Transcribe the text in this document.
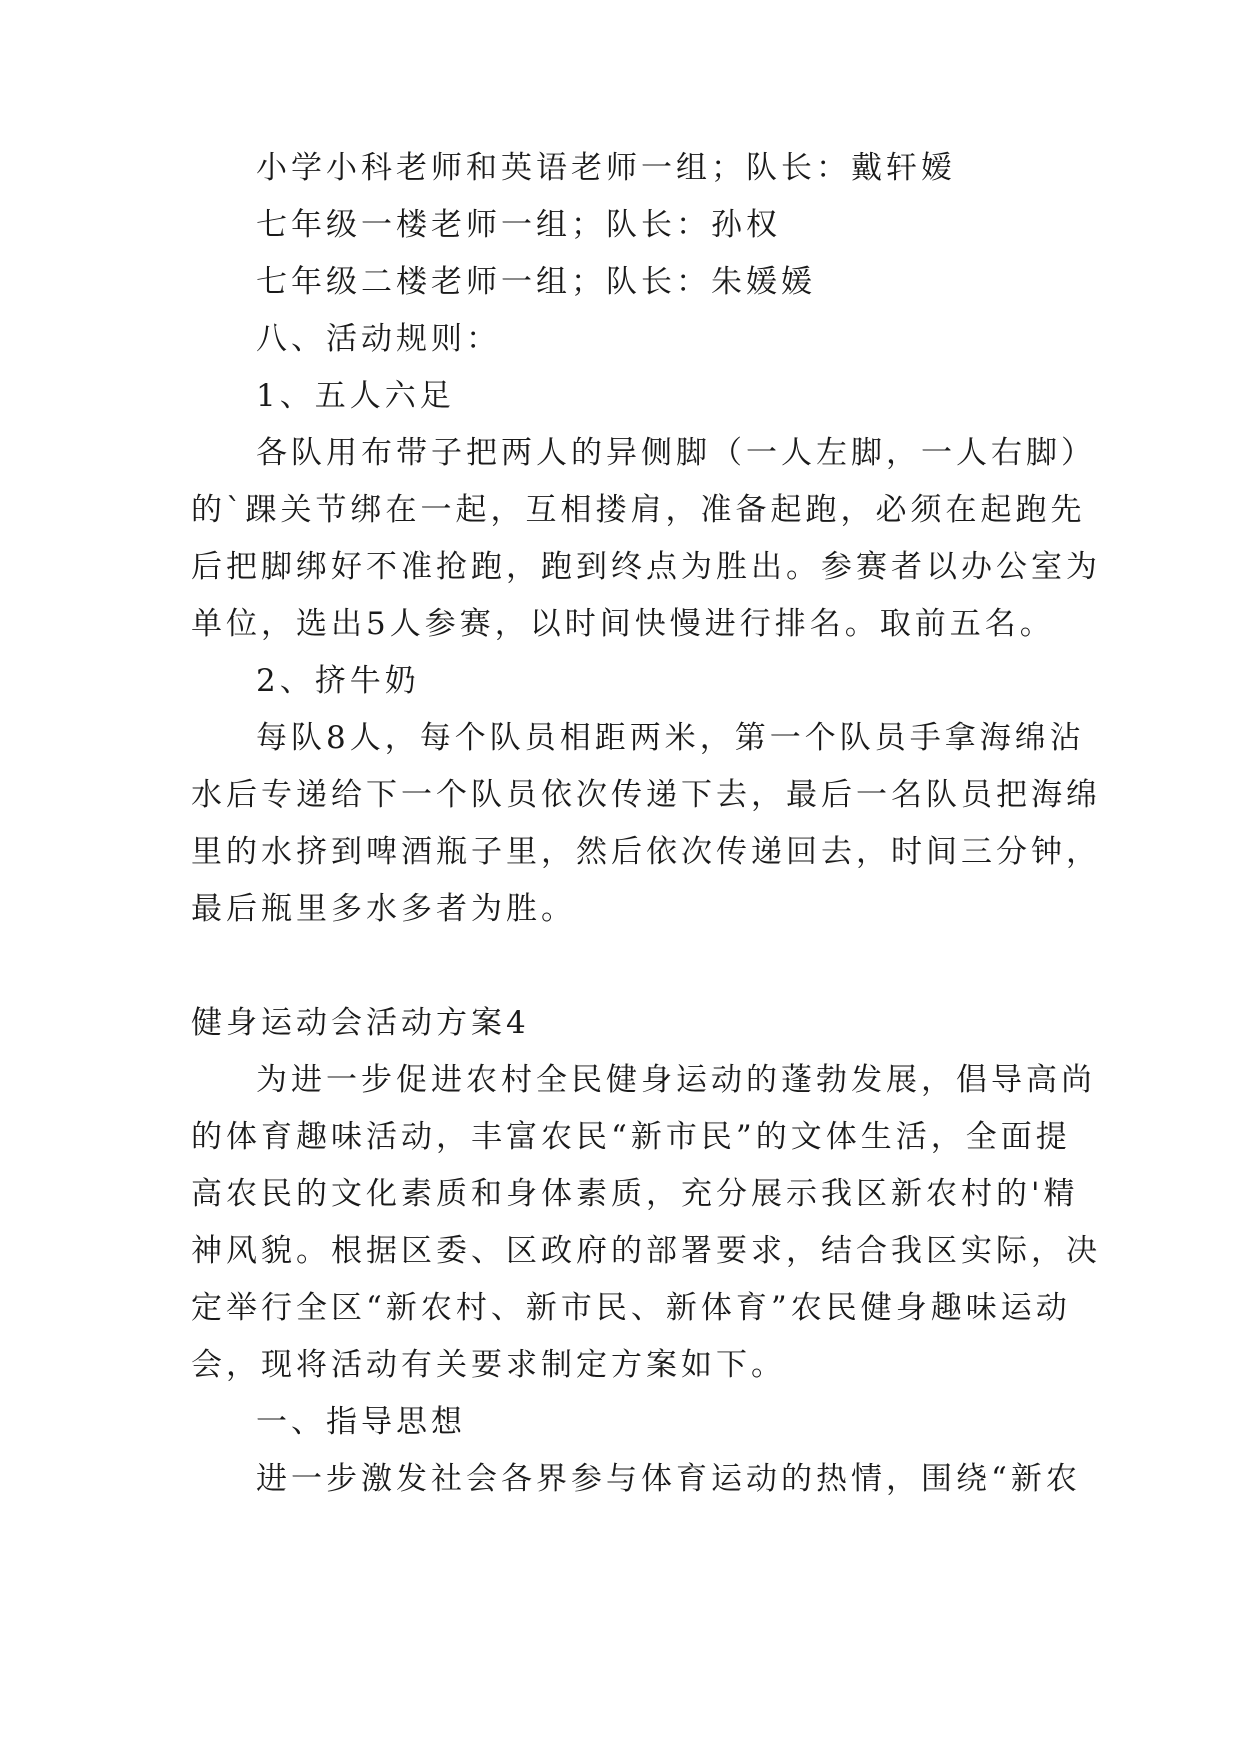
小学小科老师和英语老师一组；队长：戴轩嫒
七年级一楼老师一组；队长：孙权
七年级二楼老师一组；队长：朱媛媛
八、活动规则：
1、五人六足
各队用布带子把两人的异侧脚（一人左脚，一人右脚）
的`踝关节绑在一起，互相搂肩，准备起跑，必须在起跑先
后把脚绑好不准抢跑，跑到终点为胜出。参赛者以办公室为
单位，选出5人参赛，以时间快慢进行排名。取前五名。
2、挤牛奶
每队8人，每个队员相距两米，第一个队员手拿海绵沾
水后专递给下一个队员依次传递下去，最后一名队员把海绵
里的水挤到啤酒瓶子里，然后依次传递回去，时间三分钟，
最后瓶里多水多者为胜。
健身运动会活动方案4
为进一步促进农村全民健身运动的蓬勃发展，倡导高尚
的体育趣味活动，丰富农民“新市民”的文体生活，全面提
高农民的文化素质和身体素质，充分展示我区新农村的'精
神风貌。根据区委、区政府的部署要求，结合我区实际，决
定举行全区“新农村、新市民、新体育”农民健身趣味运动
会，现将活动有关要求制定方案如下。
一、指导思想
进一步激发社会各界参与体育运动的热情，围绕“新农
